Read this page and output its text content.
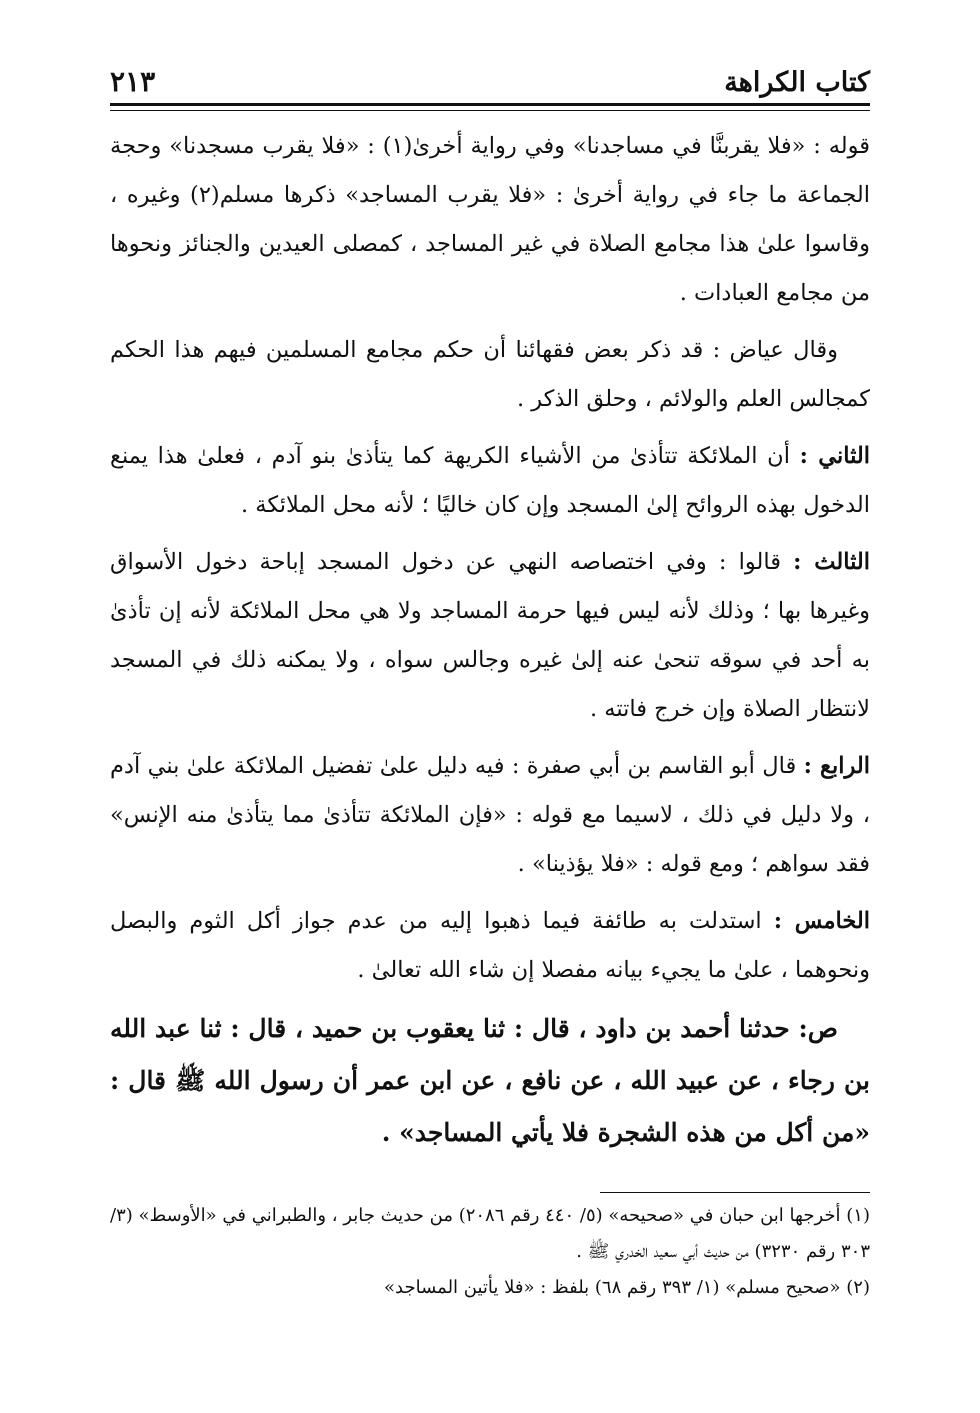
كتاب الكراهة
٢١٣

قوله : «فلا يقربنَّا في مساجدنا» وفي رواية أخرىٰ(١) : «فلا يقرب مسجدنا» وحجة الجماعة ما جاء في رواية أخرىٰ : «فلا يقرب المساجد» ذكرها مسلم(٢) وغيره ، وقاسوا علىٰ هذا مجامع الصلاة في غير المساجد ، كمصلى العيدين والجنائز ونحوها من مجامع العبادات .

وقال عياض : قد ذكر بعض فقهائنا أن حكم مجامع المسلمين فيهم هذا الحكم كمجالس العلم والولائم ، وحلق الذكر .

الثاني : أن الملائكة تتأذىٰ من الأشياء الكريهة كما يتأذىٰ بنو آدم ، فعلىٰ هذا يمنع الدخول بهذه الروائح إلىٰ المسجد وإن كان خاليًا ؛ لأنه محل الملائكة .

الثالث : قالوا : وفي اختصاصه النهي عن دخول المسجد إباحة دخول الأسواق وغيرها بها ؛ وذلك لأنه ليس فيها حرمة المساجد ولا هي محل الملائكة لأنه إن تأذىٰ به أحد في سوقه تنحىٰ عنه إلىٰ غيره وجالس سواه ، ولا يمكنه ذلك في المسجد لانتظار الصلاة وإن خرج فاتته .

الرابع : قال أبو القاسم بن أبي صفرة : فيه دليل علىٰ تفضيل الملائكة علىٰ بني آدم ، ولا دليل في ذلك ، لاسيما مع قوله : «فإن الملائكة تتأذىٰ مما يتأذىٰ منه الإنس» فقد سواهم ؛ ومع قوله : «فلا يؤذينا» .

الخامس : استدلت به طائفة فيما ذهبوا إليه من عدم جواز أكل الثوم والبصل ونحوهما ، علىٰ ما يجيء بيانه مفصلا إن شاء الله تعالىٰ .

ص: حدثنا أحمد بن داود ، قال : ثنا يعقوب بن حميد ، قال : ثنا عبد الله بن رجاء ، عن عبيد الله ، عن نافع ، عن ابن عمر أن رسول الله ﷺ قال : «من أكل من هذه الشجرة فلا يأتي المساجد» .

(١) أخرجها ابن حبان في «صحيحه» (٥/ ٤٤٠ رقم ٢٠٨٦) من حديث جابر ، والطبراني في «الأوسط» (٣/ ٣٠٣ رقم ٣٢٣٠) من حديث أبي سعيد الخدري ﷺ .

(٢) «صحيح مسلم» (١/ ٣٩٣ رقم ٦٨) بلفظ : «فلا يأتين المساجد»
